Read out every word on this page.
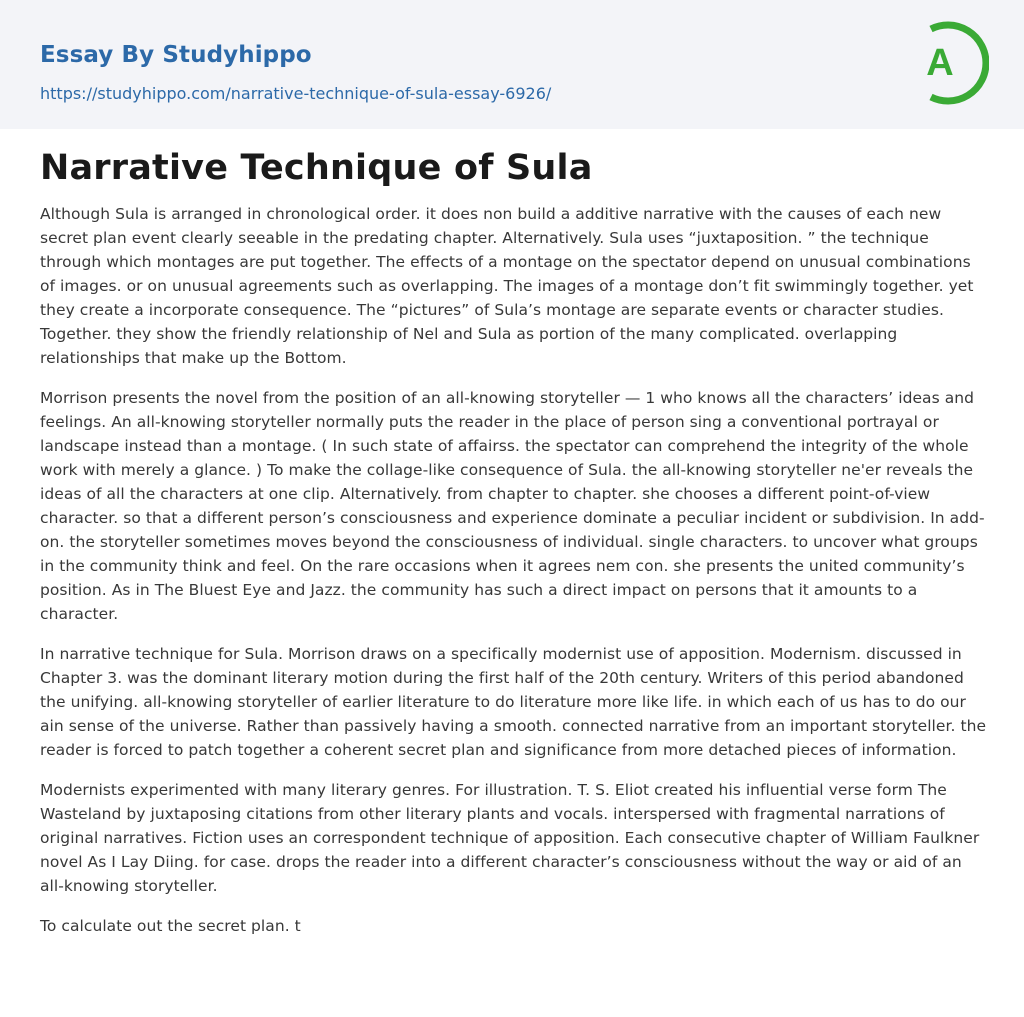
Essay By Studyhippo
https://studyhippo.com/narrative-technique-of-sula-essay-6926/
A
Narrative Technique of Sula

Although Sula is arranged in chronological order. it does non build a additive narrative with the causes of each new secret plan event clearly seeable in the predating chapter. Alternatively. Sula uses “juxtaposition. ” the technique through which montages are put together. The effects of a montage on the spectator depend on unusual combinations of images. or on unusual agreements such as overlapping. The images of a montage don’t fit swimmingly together. yet they create a incorporate consequence. The “pictures” of Sula’s montage are separate events or character studies. Together. they show the friendly relationship of Nel and Sula as portion of the many complicated. overlapping relationships that make up the Bottom.

Morrison presents the novel from the position of an all-knowing storyteller — 1 who knows all the characters’ ideas and feelings. An all-knowing storyteller normally puts the reader in the place of person sing a conventional portrayal or landscape instead than a montage. ( In such state of affairss. the spectator can comprehend the integrity of the whole work with merely a glance. ) To make the collage-like consequence of Sula. the all-knowing storyteller ne'er reveals the ideas of all the characters at one clip. Alternatively. from chapter to chapter. she chooses a different point-of-view character. so that a different person’s consciousness and experience dominate a peculiar incident or subdivision. In add-on. the storyteller sometimes moves beyond the consciousness of individual. single characters. to uncover what groups in the community think and feel. On the rare occasions when it agrees nem con. she presents the united community’s position. As in The Bluest Eye and Jazz. the community has such a direct impact on persons that it amounts to a character.

In narrative technique for Sula. Morrison draws on a specifically modernist use of apposition. Modernism. discussed in Chapter 3. was the dominant literary motion during the first half of the 20th century. Writers of this period abandoned the unifying. all-knowing storyteller of earlier literature to do literature more like life. in which each of us has to do our ain sense of the universe. Rather than passively having a smooth. connected narrative from an important storyteller. the reader is forced to patch together a coherent secret plan and significance from more detached pieces of information.

Modernists experimented with many literary genres. For illustration. T. S. Eliot created his influential verse form The Wasteland by juxtaposing citations from other literary plants and vocals. interspersed with fragmental narrations of original narratives. Fiction uses an correspondent technique of apposition. Each consecutive chapter of William Faulkner novel As I Lay Diing. for case. drops the reader into a different character’s consciousness without the way or aid of an all-knowing storyteller.

To calculate out the secret plan. t
